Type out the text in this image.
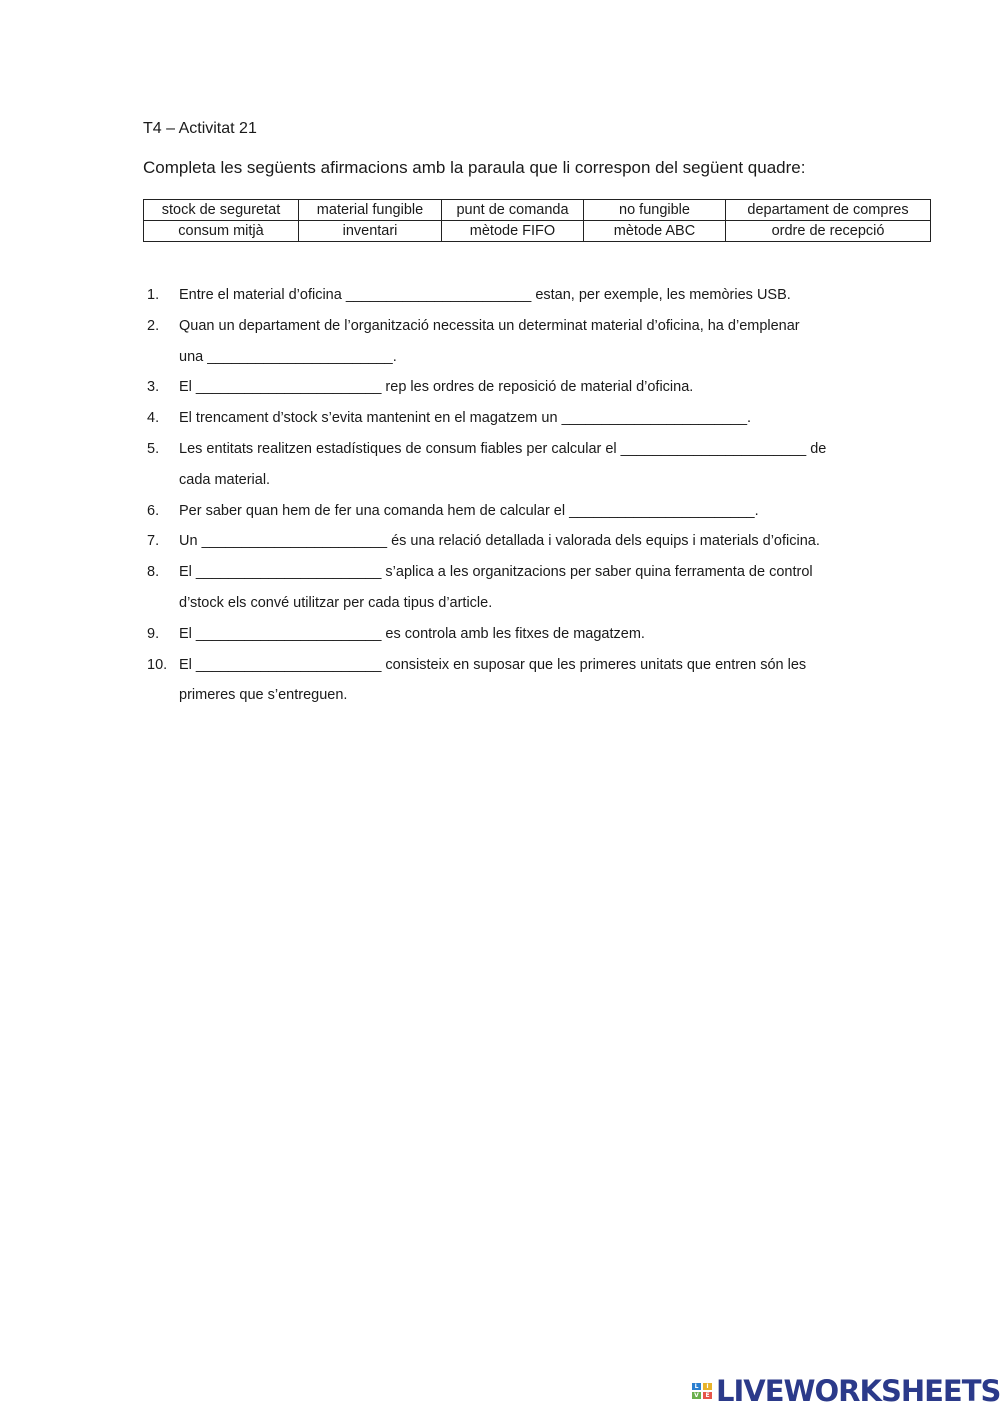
T4 – Activitat 21
Completa les següents afirmacions amb la paraula que li correspon del següent quadre:
stock de seguretat	material fungible	punt de comanda	no fungible	departament de compres
consum mitjà	inventari	mètode FIFO	mètode ABC	ordre de recepció
1. Entre el material d’oficina _______________________ estan, per exemple, les memòries USB.
2. Quan un departament de l’organització necessita un determinat material d’oficina, ha d’emplenar
una _______________________.
3. El _______________________ rep les ordres de reposició de material d’oficina.
4. El trencament d’stock s’evita mantenint en el magatzem un _______________________.
5. Les entitats realitzen estadístiques de consum fiables per calcular el _______________________ de
cada material.
6. Per saber quan hem de fer una comanda hem de calcular el _______________________.
7. Un _______________________ és una relació detallada i valorada dels equips i materials d’oficina.
8. El _______________________ s’aplica a les organitzacions per saber quina ferramenta de control
d’stock els convé utilitzar per cada tipus d’article.
9. El _______________________ es controla amb les fitxes de magatzem.
10. El _______________________ consisteix en suposar que les primeres unitats que entren són les
primeres que s’entreguen.
L	I
V	E LIVEWORKSHEETS
